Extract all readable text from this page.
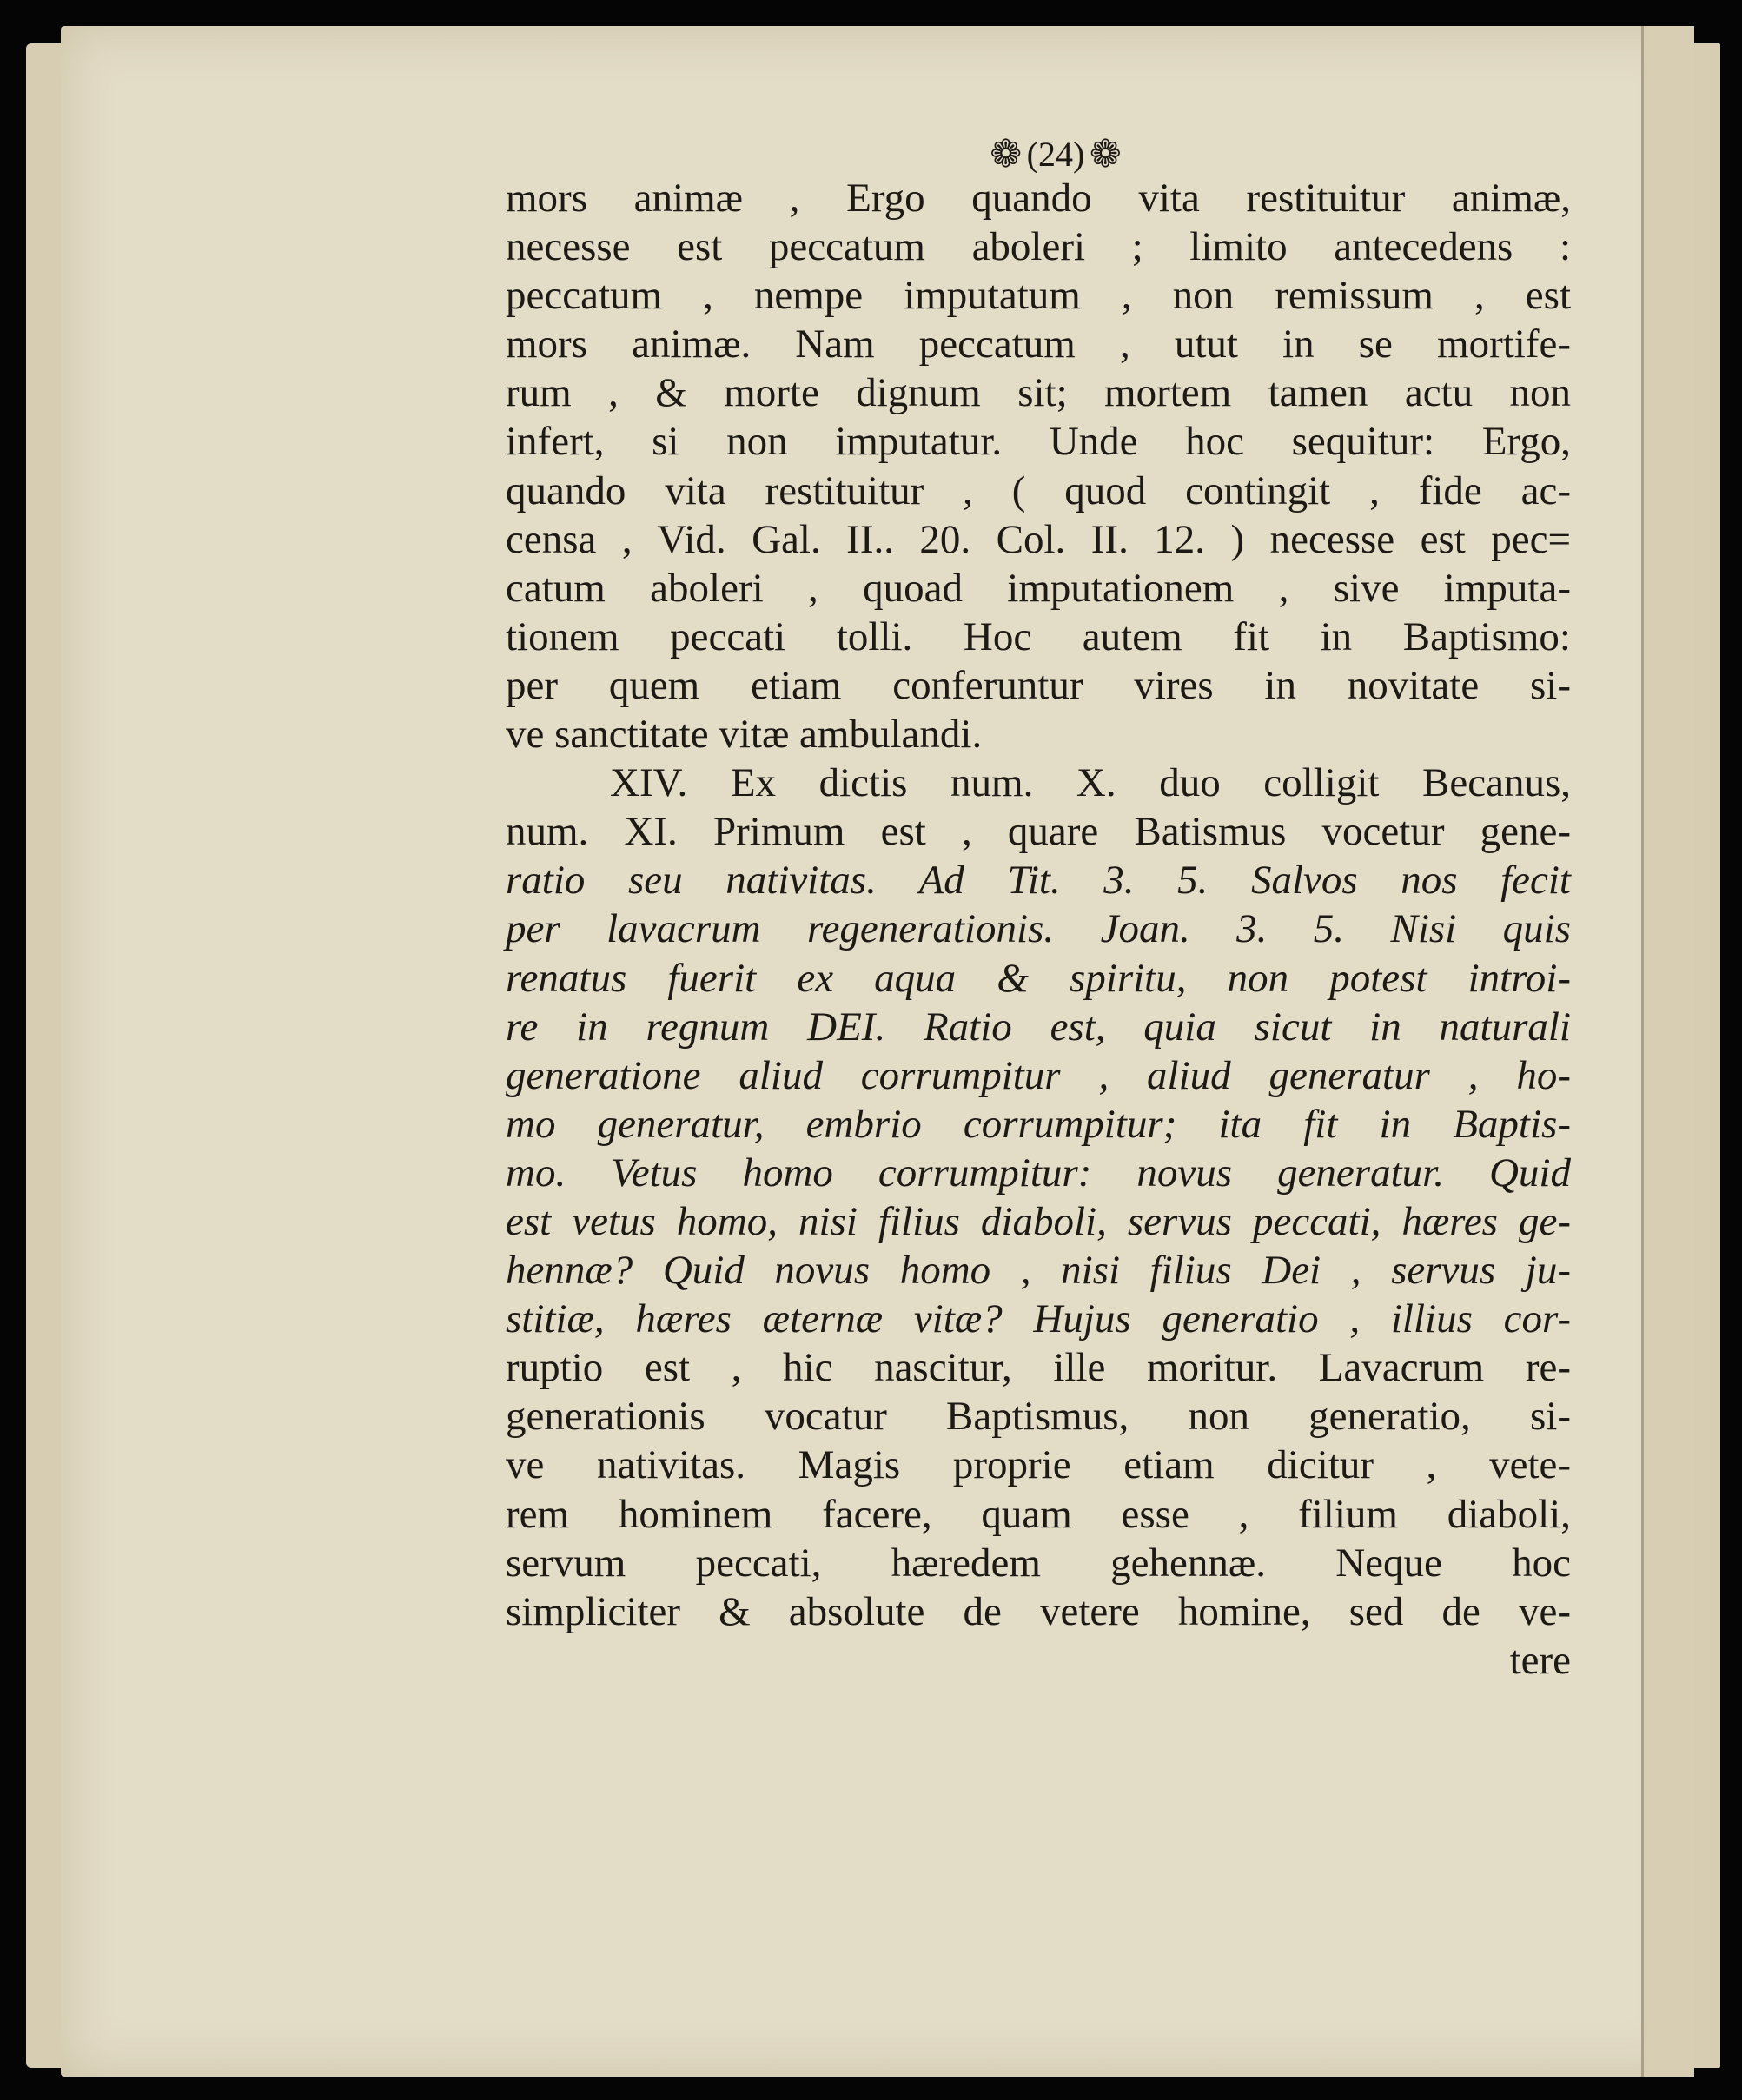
❁ (24) ❁
mors animæ , Ergo quando vita restituitur animæ,
necesse est peccatum aboleri ; limito antecedens :
peccatum , nempe imputatum , non remissum , est
mors animæ. Nam peccatum , utut in se mortife-
rum , & morte dignum sit; mortem tamen actu non
infert, si non imputatur. Unde hoc sequitur: Ergo,
quando vita restituitur , ( quod contingit , fide ac-
censa , Vid. Gal. II.. 20. Col. II. 12. ) necesse est pec=
catum aboleri , quoad imputationem , sive imputa-
tionem peccati tolli. Hoc autem fit in Baptismo:
per quem etiam conferuntur vires in novitate si-
ve sanctitate vitæ ambulandi.
XIV. Ex dictis num. X. duo colligit Becanus,
num. XI. Primum est , quare Batismus vocetur gene-
ratio seu nativitas. Ad Tit. 3. 5. Salvos nos fecit
per lavacrum regenerationis. Joan. 3. 5. Nisi quis
renatus fuerit ex aqua & spiritu, non potest introi-
re in regnum DEI. Ratio est, quia sicut in naturali
generatione aliud corrumpitur , aliud generatur , ho-
mo generatur, embrio corrumpitur; ita fit in Baptis-
mo. Vetus homo corrumpitur: novus generatur. Quid
est vetus homo, nisi filius diaboli, servus peccati, hæres ge-
hennæ? Quid novus homo , nisi filius Dei , servus ju-
stitiæ, hæres æternæ vitæ? Hujus generatio , illius cor-
ruptio est , hic nascitur, ille moritur. Lavacrum re-
generationis vocatur Baptismus, non generatio, si-
ve nativitas. Magis proprie etiam dicitur , vete-
rem hominem facere, quam esse , filium diaboli,
servum peccati, hæredem gehennæ. Neque hoc
simpliciter & absolute de vetere homine, sed de ve-
tere
